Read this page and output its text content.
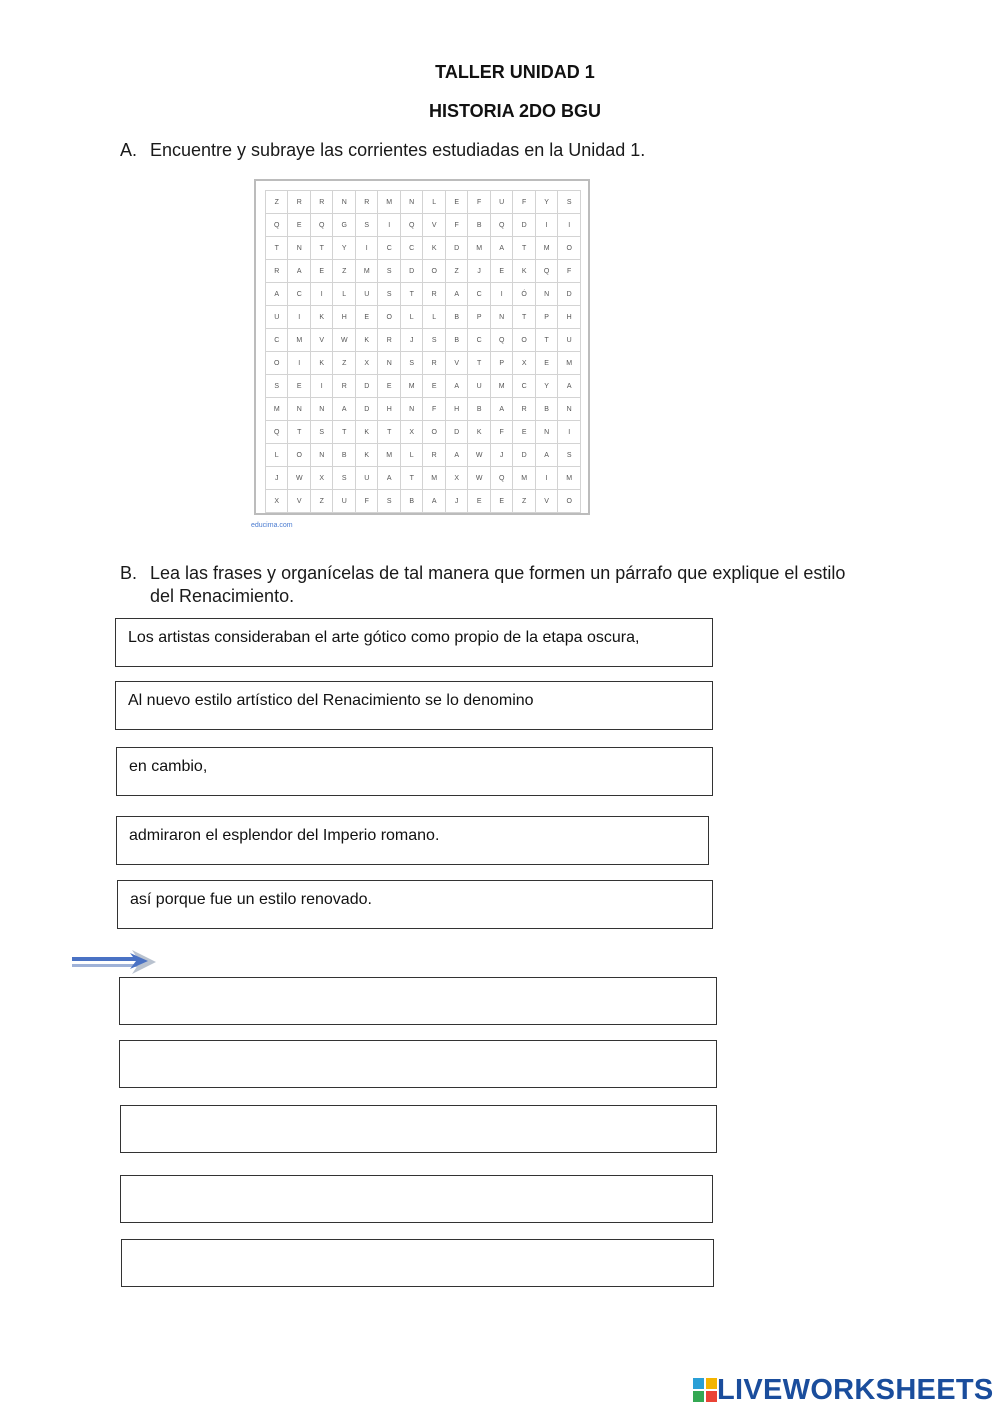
TALLER UNIDAD 1
HISTORIA 2DO BGU
A. Encuentre y subraye las corrientes estudiadas en la Unidad 1.
Z	R	R	N	R	M	N	L	E	F	U	F	Y	S
Q	E	Q	G	S	I	Q	V	F	B	Q	D	I	I
T	N	T	Y	I	C	C	K	D	M	A	T	M	O
R	A	E	Z	M	S	D	O	Z	J	E	K	Q	F
A	C	I	L	U	S	T	R	A	C	I	Ó	N	D
U	I	K	H	E	O	L	L	B	P	N	T	P	H
C	M	V	W	K	R	J	S	B	C	Q	O	T	U
O	I	K	Z	X	N	S	R	V	T	P	X	E	M
S	E	I	R	D	E	M	E	A	U	M	C	Y	A
M	N	N	A	D	H	N	F	H	B	A	R	B	N
Q	T	S	T	K	T	X	O	D	K	F	E	N	I
L	O	N	B	K	M	L	R	A	W	J	D	A	S
J	W	X	S	U	A	T	M	X	W	Q	M	I	M
X	V	Z	U	F	S	B	A	J	E	E	Z	V	O
educima.com
B. Lea las frases y organícelas de tal manera que formen un párrafo que explique el estilo
del Renacimiento.
Los artistas consideraban el arte gótico como propio de la etapa oscura,
Al nuevo estilo artístico del Renacimiento se lo denomino
en cambio,
admiraron el esplendor del Imperio romano.
así porque fue un estilo renovado.
LIVEWORKSHEETS
